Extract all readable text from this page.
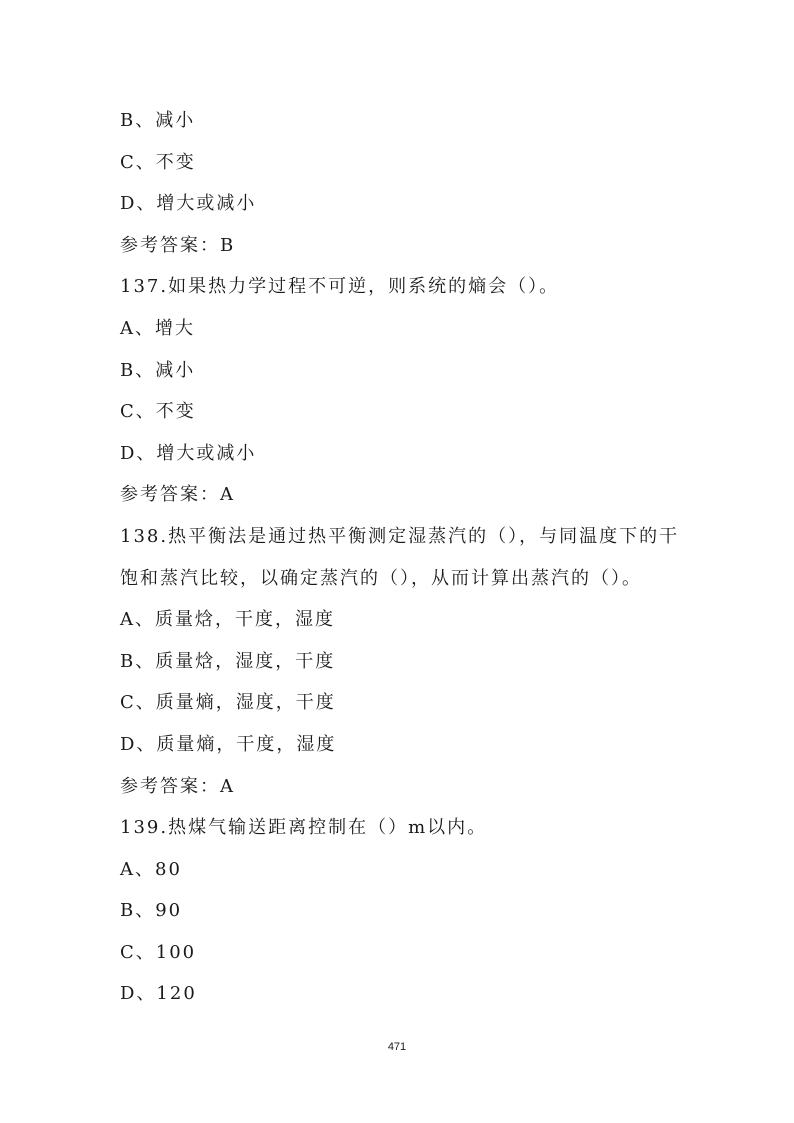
B、减小
C、不变
D、增大或减小
参考答案：B
137.如果热力学过程不可逆，则系统的熵会（）。
A、增大
B、减小
C、不变
D、增大或减小
参考答案：A
138.热平衡法是通过热平衡测定湿蒸汽的（），与同温度下的干饱和蒸汽比较，以确定蒸汽的（），从而计算出蒸汽的（）。
A、质量焓，干度，湿度
B、质量焓，湿度，干度
C、质量熵，湿度，干度
D、质量熵，干度，湿度
参考答案：A
139.热煤气输送距离控制在（）m以内。
A、80
B、90
C、100
D、120
471
